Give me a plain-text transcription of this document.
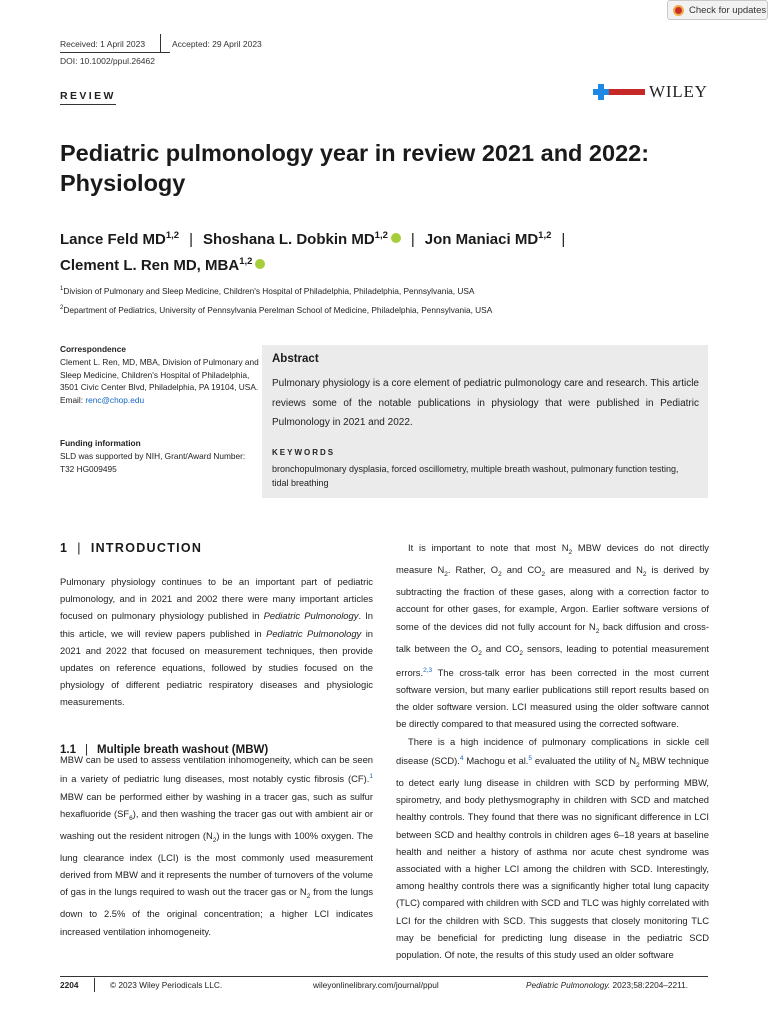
Check for updates
Received: 1 April 2023	Accepted: 29 April 2023
DOI: 10.1002/ppul.26462
REVIEW	WILEY
Pediatric pulmonology year in review 2021 and 2022: Physiology
Lance Feld MD$^{1,2}$ | Shoshana L. Dobkin MD$^{1,2}$ | Jon Maniaci MD$^{1,2}$ |
Clement L. Ren MD, MBA$^{1,2}$
$^1$Division of Pulmonary and Sleep Medicine, Children's Hospital of Philadelphia, Philadelphia, Pennsylvania, USA
$^2$Department of Pediatrics, University of Pennsylvania Perelman School of Medicine, Philadelphia, Pennsylvania, USA
Correspondence
Clement L. Ren, MD, MBA, Division of Pulmonary and Sleep Medicine, Children's Hospital of Philadelphia, 3501 Civic Center Blvd, Philadelphia, PA 19104, USA.
Email: renc@chop.edu
Funding information
SLD was supported by NIH, Grant/Award Number: T32 HG009495
Abstract
Pulmonary physiology is a core element of pediatric pulmonology care and research. This article reviews some of the notable publications in physiology that were published in Pediatric Pulmonology in 2021 and 2022.
KEYWORDS
bronchopulmonary dysplasia, forced oscillometry, multiple breath washout, pulmonary function testing, tidal breathing
1 | INTRODUCTION
1.1 | Multiple breath washout (MBW)

Pulmonary physiology continues to be an important part of pediatric pulmonology, and in 2021 and 2002 there were many important articles focused on pulmonary physiology published in Pediatric Pulmonology. In this article, we will review papers published in Pediatric Pulmonology in 2021 and 2022 that focused on measurement techniques, then provide updates on reference equations, followed by studies focused on the physiology of different pediatric respiratory diseases and physiologic measurements.

MBW can be used to assess ventilation inhomogeneity, which can be seen in a variety of pediatric lung diseases, most notably cystic fibrosis (CF).$^1$ MBW can be performed either by washing in a tracer gas, such as sulfur hexafluoride $(SF_6)$, and then washing the tracer gas out with ambient air or washing out the resident nitrogen $(N_2)$ in the lungs with 100% oxygen. The lung clearance index (LCI) is the most commonly used measurement derived from MBW and it represents the number of turnovers of the volume of gas in the lungs required to wash out the tracer gas or $N_2$ from the lungs down to 2.5% of the original concentration; a higher LCI indicates increased ventilation inhomogeneity.

It is important to note that most $N_2$ MBW devices do not directly measure $N_2$. Rather, $O_2$ and $CO_2$ are measured and $N_2$ is derived by subtracting the fraction of these gases, along with a correction factor to account for other gases, for example, Argon. Earlier software versions of some of the devices did not fully account for $N_2$ back diffusion and cross-talk between the $O_2$ and $CO_2$ sensors, leading to potential measurement errors.$^{2,3}$ The cross-talk error has been corrected in the most current software version, but many earlier publications still report results based on the older software version. LCI measured using the older software cannot be directly compared to that measured using the corrected software.

There is a high incidence of pulmonary complications in sickle cell disease (SCD).$^4$ Machogu et al.$^5$ evaluated the utility of $N_2$ MBW technique to detect early lung disease in children with SCD by performing MBW, spirometry, and body plethysmography in children with SCD and matched healthy controls. They found that there was no significant difference in LCI between SCD and healthy controls in children ages 6–18 years at baseline health and neither a history of asthma nor acute chest syndrome was associated with a higher LCI among the children with SCD. Interestingly, among healthy controls there was a significantly higher total lung capacity (TLC) compared with children with SCD and TLC was highly correlated with LCI for the children with SCD. This suggests that closely monitoring TLC may be beneficial for predicting lung disease in the pediatric SCD population. Of note, the results of this study used an older software

2204	© 2023 Wiley Periodicals LLC.	wileyonlinelibrary.com/journal/ppul	Pediatric Pulmonology. 2023;58:2204–2211.
